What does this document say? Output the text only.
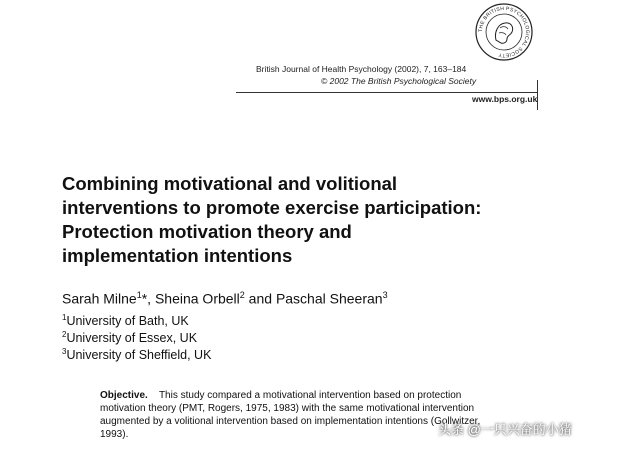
British Journal of Health Psychology (2002), 7, 163–184
© 2002 The British Psychological Society
www.bps.org.uk
THE BRITISH PSYCHOLOGICAL SOCIETY
Combining motivational and volitional
interventions to promote exercise participation:
Protection motivation theory and
implementation intentions
Sarah Milne$^1$*, Sheina Orbell$^2$ and Paschal Sheeran$^3$
$^1$University of Bath, UK
$^2$University of Essex, UK
$^3$University of Sheffield, UK
Objective. This study compared a motivational intervention based on protection
motivation theory (PMT, Rogers, 1975, 1983) with the same motivational intervention
augmented by a volitional intervention based on implementation intentions (Gollwitzer,
1993).	头条 @一只兴奋的小猪
